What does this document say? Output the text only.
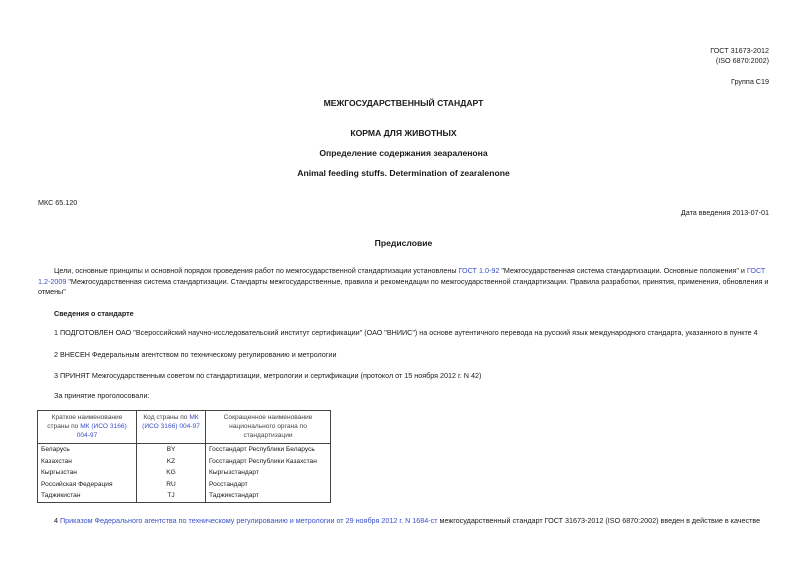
ГОСТ 31673-2012
(ISO 6870:2002)
Группа С19
МЕЖГОСУДАРСТВЕННЫЙ СТАНДАРТ
КОРМА ДЛЯ ЖИВОТНЫХ
Определение содержания зеараленона
Animal feeding stuffs. Determination of zearalenone
МКС 65.120
Дата введения 2013-07-01
Предисловие
Цели, основные принципы и основной порядок проведения работ по межгосударственной стандартизации установлены ГОСТ 1.0-92 "Межгосударственная система стандартизации. Основные положения" и ГОСТ
1.2-2009 "Межгосударственная система стандартизации. Стандарты межгосударственные, правила и рекомендации по межгосударственной стандартизации. Правила разработки, принятия, применения, обновления и
отмены"
Сведения о стандарте
1 ПОДГОТОВЛЕН ОАО "Всероссийский научно-исследовательский институт сертификации" (ОАО "ВНИИС") на основе аутентичного перевода на русский язык международного стандарта, указанного в пункте 4
2 ВНЕСЕН Федеральным агентством по техническому регулированию и метрологии
3 ПРИНЯТ Межгосударственным советом по стандартизации, метрологии и сертификации (протокол от 15 ноября 2012 г. N 42)
За принятие проголосовали:
Краткое наименование страны по МК (ИСО 3166) 004-97	Код страны по МК (ИСО 3166) 004-97	Сокращенное наименование национального органа по стандартизации
Беларусь	BY	Госстандарт Республики Беларусь
Казахстан	KZ	Госстандарт Республики Казахстан
Кыргызстан	KG	Кыргызстандарт
Российская Федерация	RU	Росстандарт
Таджикистан	TJ	Таджикстандарт
4 Приказом Федерального агентства по техническому регулированию и метрологии от 29 ноября 2012 г. N 1684-ст межгосударственный стандарт ГОСТ 31673-2012 (ISO 6870:2002) введен в действие в качестве
